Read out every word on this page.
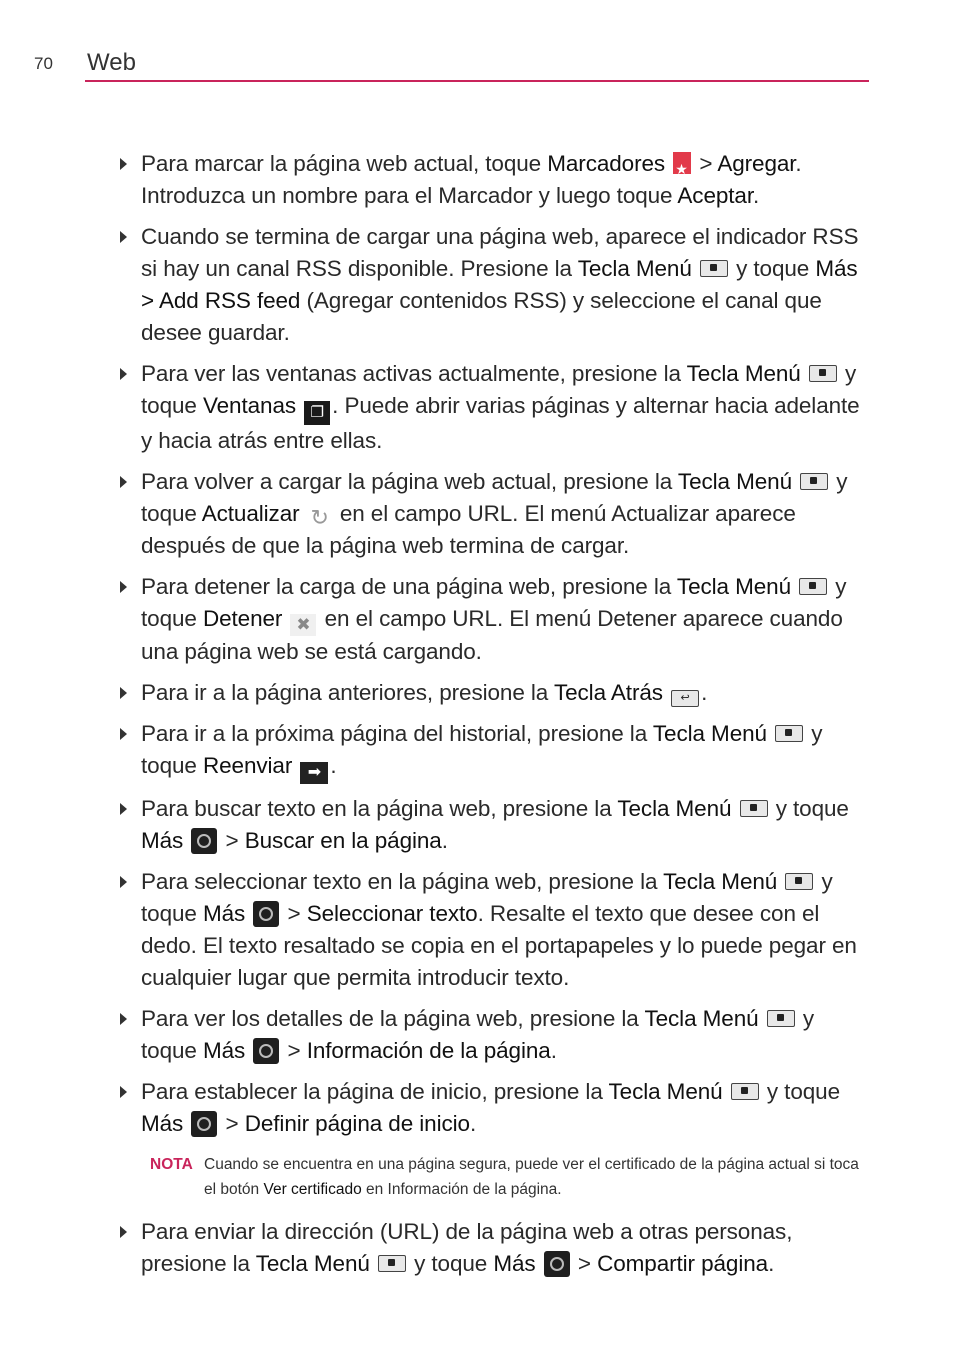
70 Web
Para marcar la página web actual, toque Marcadores ★ > Agregar. Introduzca un nombre para el Marcador y luego toque Aceptar.
Cuando se termina de cargar una página web, aparece el indicador RSS si hay un canal RSS disponible. Presione la Tecla Menú  y toque Más > Add RSS feed (Agregar contenidos RSS) y seleccione el canal que desee guardar.
Para ver las ventanas activas actualmente, presione la Tecla Menú  y toque Ventanas ❐ . Puede abrir varias páginas y alternar hacia adelante y hacia atrás entre ellas.
Para volver a cargar la página web actual, presione la Tecla Menú  y toque Actualizar ↻ en el campo URL. El menú Actualizar aparece después de que la página web termina de cargar.
Para detener la carga de una página web, presione la Tecla Menú  y toque Detener ✖ en el campo URL. El menú Detener aparece cuando una página web se está cargando.
Para ir a la página anteriores, presione la Tecla Atrás ↩ .
Para ir a la próxima página del historial, presione la Tecla Menú  y toque Reenviar ➡ .
Para buscar texto en la página web, presione la Tecla Menú  y toque Más  > Buscar en la página.
Para seleccionar texto en la página web, presione la Tecla Menú  y toque Más  > Seleccionar texto. Resalte el texto que desee con el dedo. El texto resaltado se copia en el portapapeles y lo puede pegar en cualquier lugar que permita introducir texto.
Para ver los detalles de la página web, presione la Tecla Menú  y toque Más  > Información de la página.
Para establecer la página de inicio, presione la Tecla Menú  y toque Más  > Definir página de inicio.
NOTA Cuando se encuentra en una página segura, puede ver el certificado de la página actual si toca el botón Ver certificado en Información de la página.
Para enviar la dirección (URL) de la página web a otras personas, presione la Tecla Menú  y toque Más  > Compartir página.
